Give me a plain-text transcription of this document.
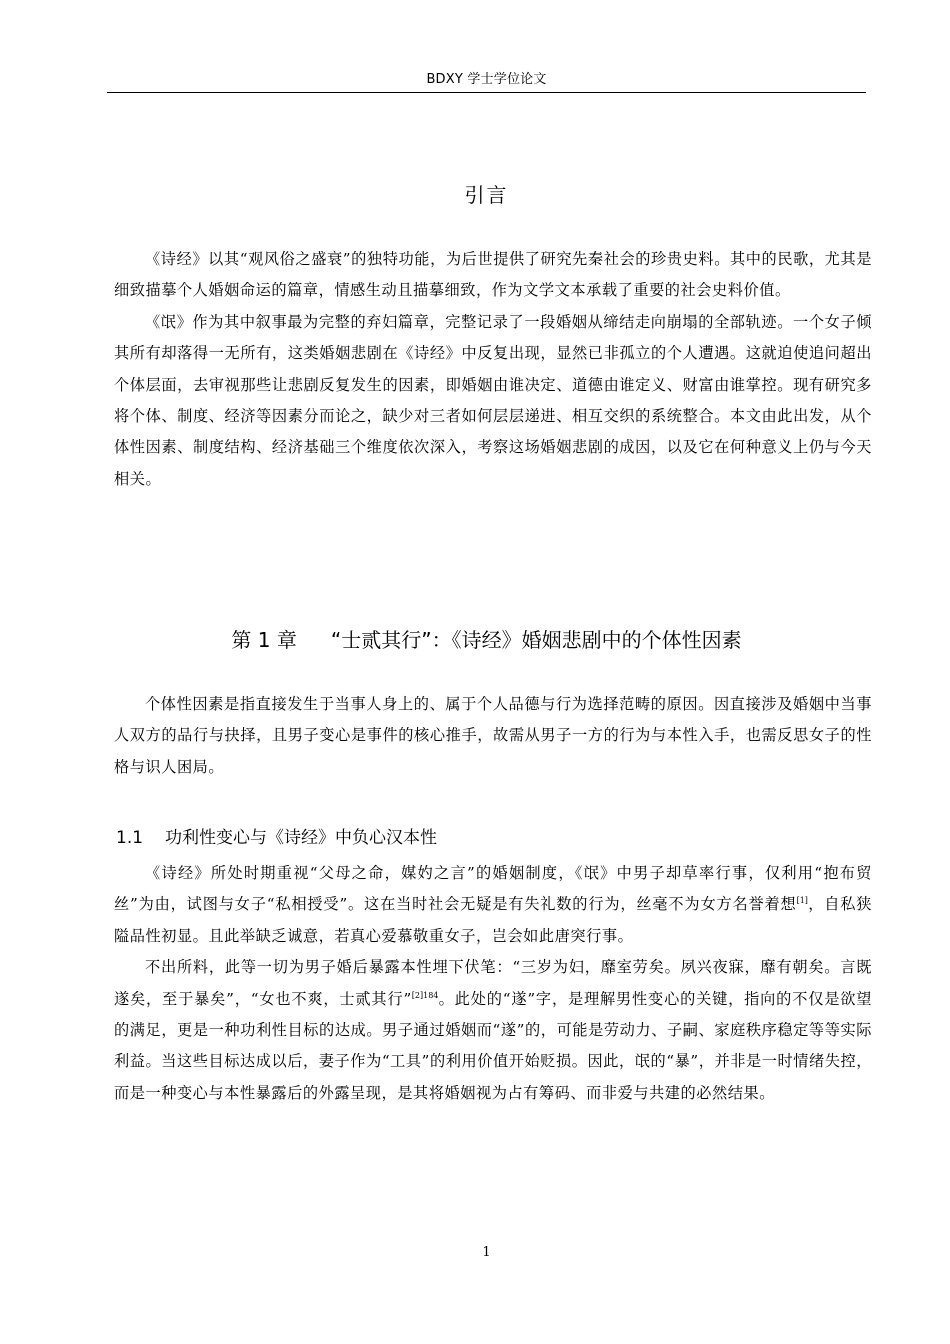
BDXY 学士学位论文
引言

《诗经》以其“观风俗之盛衰”的独特功能，为后世提供了研究先秦社会的珍贵史料。其中的民歌，尤其是细致描摹个人婚姻命运的篇章，情感生动且描摹细致，作为文学文本承载了重要的社会史料价值。

《氓》作为其中叙事最为完整的弃妇篇章，完整记录了一段婚姻从缔结走向崩塌的全部轨迹。一个女子倾其所有却落得一无所有，这类婚姻悲剧在《诗经》中反复出现，显然已非孤立的个人遭遇。这就迫使追问超出个体层面，去审视那些让悲剧反复发生的因素，即婚姻由谁决定、道德由谁定义、财富由谁掌控。现有研究多将个体、制度、经济等因素分而论之，缺少对三者如何层层递进、相互交织的系统整合。本文由此出发，从个体性因素、制度结构、经济基础三个维度依次深入，考察这场婚姻悲剧的成因，以及它在何种意义上仍与今天相关。

第 1 章 “士贰其行”：《诗经》婚姻悲剧中的个体性因素

个体性因素是指直接发生于当事人身上的、属于个人品德与行为选择范畴的原因。因直接涉及婚姻中当事人双方的品行与抉择，且男子变心是事件的核心推手，故需从男子一方的行为与本性入手，也需反思女子的性格与识人困局。

1.1 功利性变心与《诗经》中负心汉本性

《诗经》所处时期重视“父母之命，媒妁之言”的婚姻制度，《氓》中男子却草率行事，仅利用“抱布贸丝”为由，试图与女子“私相授受”。这在当时社会无疑是有失礼数的行为，丝毫不为女方名誉着想[1]，自私狭隘品性初显。且此举缺乏诚意，若真心爱慕敬重女子，岂会如此唐突行事。

不出所料，此等一切为男子婚后暴露本性埋下伏笔：“三岁为妇，靡室劳矣。夙兴夜寐，靡有朝矣。言既遂矣，至于暴矣”，“女也不爽，士贰其行”$^{[2]184}$。此处的“遂”字，是理解男性变心的关键，指向的不仅是欲望的满足，更是一种功利性目标的达成。男子通过婚姻而“遂”的，可能是劳动力、子嗣、家庭秩序稳定等等实际利益。当这些目标达成以后，妻子作为“工具”的利用价值开始贬损。因此，氓的“暴”，并非是一时情绪失控，而是一种变心与本性暴露后的外露呈现，是其将婚姻视为占有筹码、而非爱与共建的必然结果。

1
